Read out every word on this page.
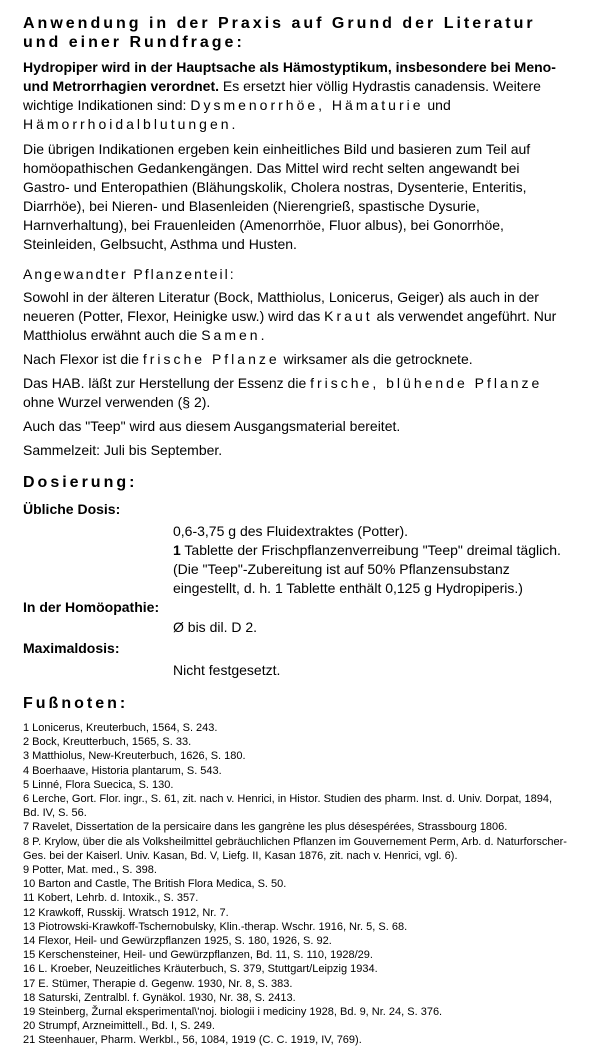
Anwendung in der Praxis auf Grund der Literatur und einer Rundfrage:

Hydropiper wird in der Hauptsache als Hämostyptikum, insbesondere bei Meno- und Metrorrhagien verordnet. Es ersetzt hier völlig Hydrastis canadensis. Weitere wichtige Indikationen sind: Dysmenorrhöe, Hämaturie und Hämorrhoidalblutungen.

Die übrigen Indikationen ergeben kein einheitliches Bild und basieren zum Teil auf homöopathischen Gedankengängen. Das Mittel wird recht selten angewandt bei Gastro- und Enteropathien (Blähungskolik, Cholera nostras, Dysenterie, Enteritis, Diarrhöe), bei Nieren- und Blasenleiden (Nierengrieß, spastische Dysurie, Harnverhaltung), bei Frauenleiden (Amenorrhöe, Fluor albus), bei Gonorrhöe, Steinleiden, Gelbsucht, Asthma und Husten.

Angewandter Pflanzenteil:

Sowohl in der älteren Literatur (Bock, Matthiolus, Lonicerus, Geiger) als auch in der neueren (Potter, Flexor, Heinigke usw.) wird das Kraut als verwendet angeführt. Nur Matthiolus erwähnt auch die Samen.

Nach Flexor ist die frische Pflanze wirksamer als die getrocknete.

Das HAB. läßt zur Herstellung der Essenz die frische, blühende Pflanze ohne Wurzel verwenden (§ 2).

Auch das "Teep" wird aus diesem Ausgangsmaterial bereitet.

Sammelzeit: Juli bis September.

Dosierung:
Übliche Dosis:
0,6-3,75 g des Fluidextraktes (Potter).
1 Tablette der Frischpflanzenverreibung "Teep" dreimal täglich. (Die "Teep"-Zubereitung ist auf 50% Pflanzensubstanz eingestellt, d. h. 1 Tablette enthält 0,125 g Hydropiperis.)
In der Homöopathie:
Ø bis dil. D 2.
Maximaldosis:
Nicht festgesetzt.
Fußnoten:
1 Lonicerus, Kreuterbuch, 1564, S. 243.
2 Bock, Kreutterbuch, 1565, S. 33.
3 Matthiolus, New-Kreuterbuch, 1626, S. 180.
4 Boerhaave, Historia plantarum, S. 543.
5 Linné, Flora Suecica, S. 130.
6 Lerche, Gort. Flor. ingr., S. 61, zit. nach v. Henrici, in Histor. Studien des pharm. Inst. d. Univ. Dorpat, 1894, Bd. IV, S. 56.
7 Ravelet, Dissertation de la persicaire dans les gangrène les plus désespérées, Strassbourg 1806.
8 P. Krylow, über die als Volksheilmittel gebräuchlichen Pflanzen im Gouvernement Perm, Arb. d. Naturforscher-Ges. bei der Kaiserl. Univ. Kasan, Bd. V, Liefg. II, Kasan 1876, zit. nach v. Henrici, vgl. 6).
9 Potter, Mat. med., S. 398.
10 Barton and Castle, The British Flora Medica, S. 50.
11 Kobert, Lehrb. d. Intoxik., S. 357.
12 Krawkoff, Russkij. Wratsch 1912, Nr. 7.
13 Piotrowski-Krawkoff-Tschernobulsky, Klin.-therap. Wschr. 1916, Nr. 5, S. 68.
14 Flexor, Heil- und Gewürzpflanzen 1925, S. 180, 1926, S. 92.
15 Kerschensteiner, Heil- und Gewürzpflanzen, Bd. 11, S. 110, 1928/29.
16 L. Kroeber, Neuzeitliches Kräuterbuch, S. 379, Stuttgart/Leipzig 1934.
17 E. Stümer, Therapie d. Gegenw. 1930, Nr. 8, S. 383.
18 Saturski, Zentralbl. f. Gynäkol. 1930, Nr. 38, S. 2413.
19 Steinberg, Žurnal eksperimental\'noj. biologii i mediciny 1928, Bd. 9, Nr. 24, S. 376.
20 Strumpf, Arzneimittell., Bd. I, S. 249.
21 Steenhauer, Pharm. Werkbl., 56, 1084, 1919 (C. C. 1919, IV, 769).
